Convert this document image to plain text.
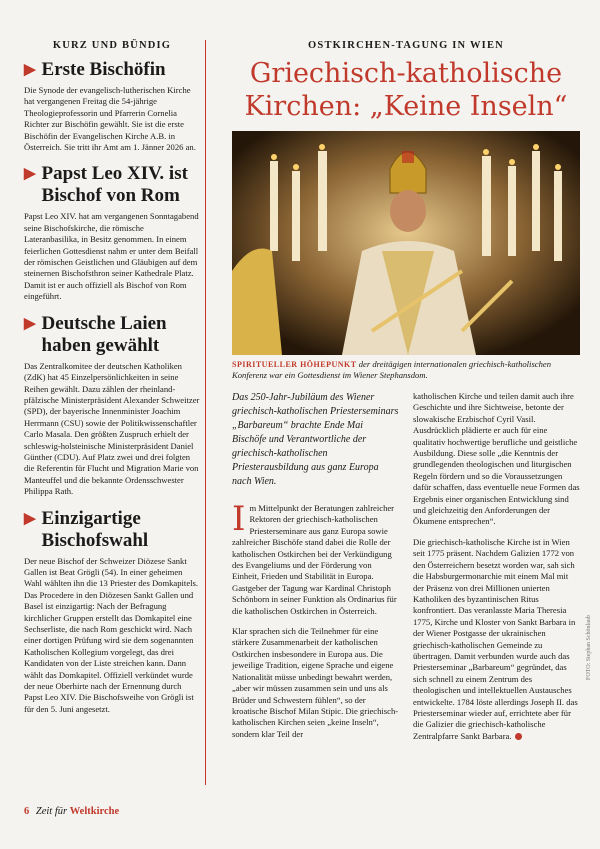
KURZ UND BÜNDIG
▶ Erste Bischöfin

Die Synode der evangelisch-lutherischen Kirche hat vergangenen Freitag die 54-jährige Theologieprofessorin und Pfarrerin Cornelia Richter zur Bischöfin gewählt. Sie ist die erste Bischöfin der Evangelischen Kirche A.B. in Österreich. Sie tritt ihr Amt am 1. Jänner 2026 an.

▶ Papst Leo XIV. ist Bischof von Rom

Papst Leo XIV. hat am vergangenen Sonntagabend seine Bischofskirche, die römische Lateranbasilika, in Besitz genommen. In einem feierlichen Gottesdienst nahm er unter dem Beifall der römischen Geistlichen und Gläubigen auf dem steinernen Bischofsthron seiner Kathedrale Platz. Damit ist er auch offiziell als Bischof von Rom eingeführt.

▶ Deutsche Laien haben gewählt

Das Zentralkomitee der deutschen Katholiken (ZdK) hat 45 Einzelpersönlichkeiten in seine Reihen gewählt. Dazu zählen der rheinland-pfälzische Ministerpräsident Alexander Schweitzer (SPD), der bayerische Innenminister Joachim Herrmann (CSU) sowie der Politikwissenschaftler Carlo Masala. Den größten Zuspruch erhielt der schleswig-holsteinische Ministerpräsident Daniel Günther (CDU). Auf Platz zwei und drei folgten die Referentin für Flucht und Migration Marie von Manteuffel und die bekannte Ordensschwester Philippa Rath.

▶ Einzigartige Bischofswahl

Der neue Bischof der Schweizer Diözese Sankt Gallen ist Beat Grögli (54). In einer geheimen Wahl wählten ihn die 13 Priester des Domkapitels. Das Procedere in den Diözesen Sankt Gallen und Basel ist einzigartig: Nach der Befragung kirchlicher Gruppen erstellt das Domkapitel eine Sechserliste, die nach Rom geschickt wird. Nach einer dortigen Prüfung wird sie dem sogenannten Katholischen Kollegium vorgelegt, das drei Kandidaten von der Liste streichen kann. Dann wählt das Domkapitel. Offiziell verkündet wurde der neue Oberhirte nach der Ernennung durch Papst Leo XIV. Die Bischofsweihe von Grögli ist für den 5. Juni angesetzt.

OSTKIRCHEN-TAGUNG IN WIEN
Griechisch-katholische Kirchen: „Keine Inseln“

SPIRITUELLER HÖHEPUNKT der dreitägigen internationalen griechisch-katholischen Konferenz war ein Gottesdienst im Wiener Stephansdom.

Das 250-Jahr-Jubiläum des Wiener griechisch-katholischen Priesterseminars „Barbareum“ brachte Ende Mai Bischöfe und Verantwortliche der griechisch-katholischen Priesterausbildung aus ganz Europa nach Wien.

Im Mittelpunkt der Beratungen zahlreicher Rektoren der griechisch-katholischen Priesterseminare aus ganz Europa sowie zahlreicher Bischöfe stand dabei die Rolle der katholischen Ostkirchen bei der Verkündigung des Evangeliums und der Förderung von Einheit, Frieden und Stabilität in Europa. Gastgeber der Tagung war Kardinal Christoph Schönborn in seiner Funktion als Ordinarius für die katholischen Ostkirchen in Österreich.

Klar sprachen sich die Teilnehmer für eine stärkere Zusammenarbeit der katholischen Ostkirchen insbesondere in Europa aus. Die jeweilige Tradition, eigene Sprache und eigene Nationalität müsse unbedingt bewahrt werden, „aber wir müssen zusammen sein und uns als Brüder und Schwestern fühlen“, so der kroatische Bischof Milan Stipic. Die griechisch-katholischen Kirchen seien „keine Inseln“, sondern klar Teil der

katholischen Kirche und teilen damit auch ihre Geschichte und ihre Sichtweise, betonte der slowakische Erzbischof Cyril Vasil. Ausdrücklich plädierte er auch für eine qualitativ hochwertige berufliche und geistliche Ausbildung. Diese solle „die Kenntnis der grundlegenden theologischen und liturgischen Regeln fördern und so die Voraussetzungen dafür schaffen, dass eventuelle neue Formen das Ergebnis einer organischen Entwicklung sind und gleichzeitig den Anforderungen der Ökumene entsprechen“.

Die griechisch-katholische Kirche ist in Wien seit 1775 präsent. Nachdem Galizien 1772 von den Österreichern besetzt worden war, sah sich die Habsburgermonarchie mit einem Mal mit der Präsenz von drei Millionen unierten Katholiken des byzantinischen Ritus konfrontiert. Das veranlasste Maria Theresia 1775, Kirche und Kloster von Sankt Barbara in der Wiener Postgasse der ukrainischen griechisch-katholischen Gemeinde zu übertragen. Damit verbunden wurde auch das Priesterseminar „Barbareum“ gegründet, das sich schnell zu einem Zentrum des theologischen und intellektuellen Austausches entwickelte. 1784 löste allerdings Joseph II. das Priesterseminar wieder auf, errichtete aber für die Galizier die griechisch-katholische Zentralpfarre Sankt Barbara.

FOTO: Stephan Schönlaub
6 Zeit für Weltkirche
